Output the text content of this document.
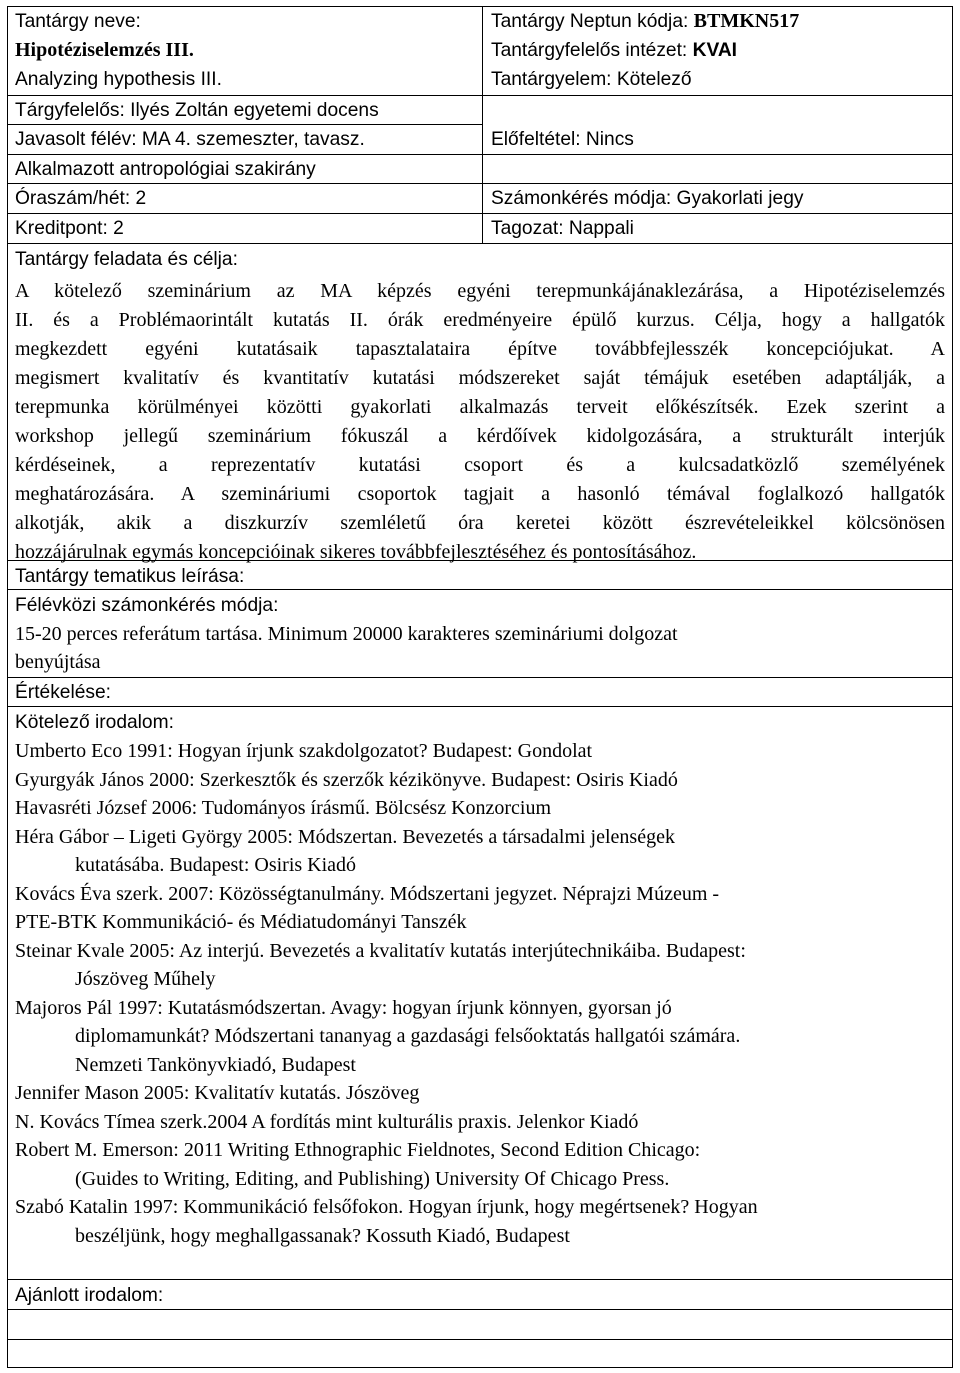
Tantárgy neve:
Hipotéziselemzés III.
Analyzing hypothesis III.
Tárgyfelelős: Ilyés Zoltán egyetemi docens
Javasolt félév: MA 4. szemeszter, tavasz.
Alkalmazott antropológiai szakirány
Óraszám/hét: 2
Kreditpont: 2
Tantárgy Neptun kódja: BTMKN517
Tantárgyfelelős intézet: KVAI
Tantárgyelem: Kötelező
Előfeltétel: Nincs
Számonkérés módja: Gyakorlati jegy
Tagozat: Nappali
Tantárgy feladata és célja:
A kötelező szeminárium az MA képzés egyéni terepmunkájánaklezárása, a Hipotéziselemzés
II. és a Problémaorintált kutatás II. órák eredményeire épülő kurzus. Célja, hogy a hallgatók
megkezdett egyéni kutatásaik tapasztalataira építve továbbfejlesszék koncepciójukat. A
megismert kvalitatív és kvantitatív kutatási módszereket saját témájuk esetében adaptálják, a
terepmunka körülményei közötti gyakorlati alkalmazás terveit előkészítsék. Ezek szerint a
workshop jellegű szeminárium fókuszál a kérdőívek kidolgozására, a strukturált interjúk
kérdéseinek, a reprezentatív kutatási csoport és a kulcsadatközlő személyének
meghatározására. A szemináriumi csoportok tagjait a hasonló témával foglalkozó hallgatók
alkotják, akik a diszkurzív szemléletű óra keretei között észrevételeikkel kölcsönösen
hozzájárulnak egymás koncepcióinak sikeres továbbfejlesztéséhez és pontosításához.
Tantárgy tematikus leírása:
Félévközi számonkérés módja:
15-20 perces referátum tartása. Minimum 20000 karakteres szemináriumi dolgozat
benyújtása
Értékelése:
Kötelező irodalom:
Umberto Eco 1991: Hogyan írjunk szakdolgozatot? Budapest: Gondolat
Gyurgyák János 2000: Szerkesztők és szerzők kézikönyve. Budapest: Osiris Kiadó
Havasréti József 2006: Tudományos írásmű. Bölcsész Konzorcium
Héra Gábor – Ligeti György 2005: Módszertan. Bevezetés a társadalmi jelenségek
kutatásába. Budapest: Osiris Kiadó
Kovács Éva szerk. 2007: Közösségtanulmány. Módszertani jegyzet. Néprajzi Múzeum -
PTE-BTK Kommunikáció- és Médiatudományi Tanszék
Steinar Kvale 2005: Az interjú. Bevezetés a kvalitatív kutatás interjútechnikáiba. Budapest:
Jószöveg Műhely
Majoros Pál 1997: Kutatásmódszertan. Avagy: hogyan írjunk könnyen, gyorsan jó
diplomamunkát? Módszertani tananyag a gazdasági felsőoktatás hallgatói számára.
Nemzeti Tankönyvkiadó, Budapest
Jennifer Mason 2005: Kvalitatív kutatás. Jószöveg
N. Kovács Tímea szerk.2004 A fordítás mint kulturális praxis. Jelenkor Kiadó
Robert M. Emerson: 2011 Writing Ethnographic Fieldnotes, Second Edition Chicago:
(Guides to Writing, Editing, and Publishing) University Of Chicago Press.
Szabó Katalin 1997: Kommunikáció felsőfokon. Hogyan írjunk, hogy megértsenek? Hogyan
beszéljünk, hogy meghallgassanak? Kossuth Kiadó, Budapest
Ajánlott irodalom:
